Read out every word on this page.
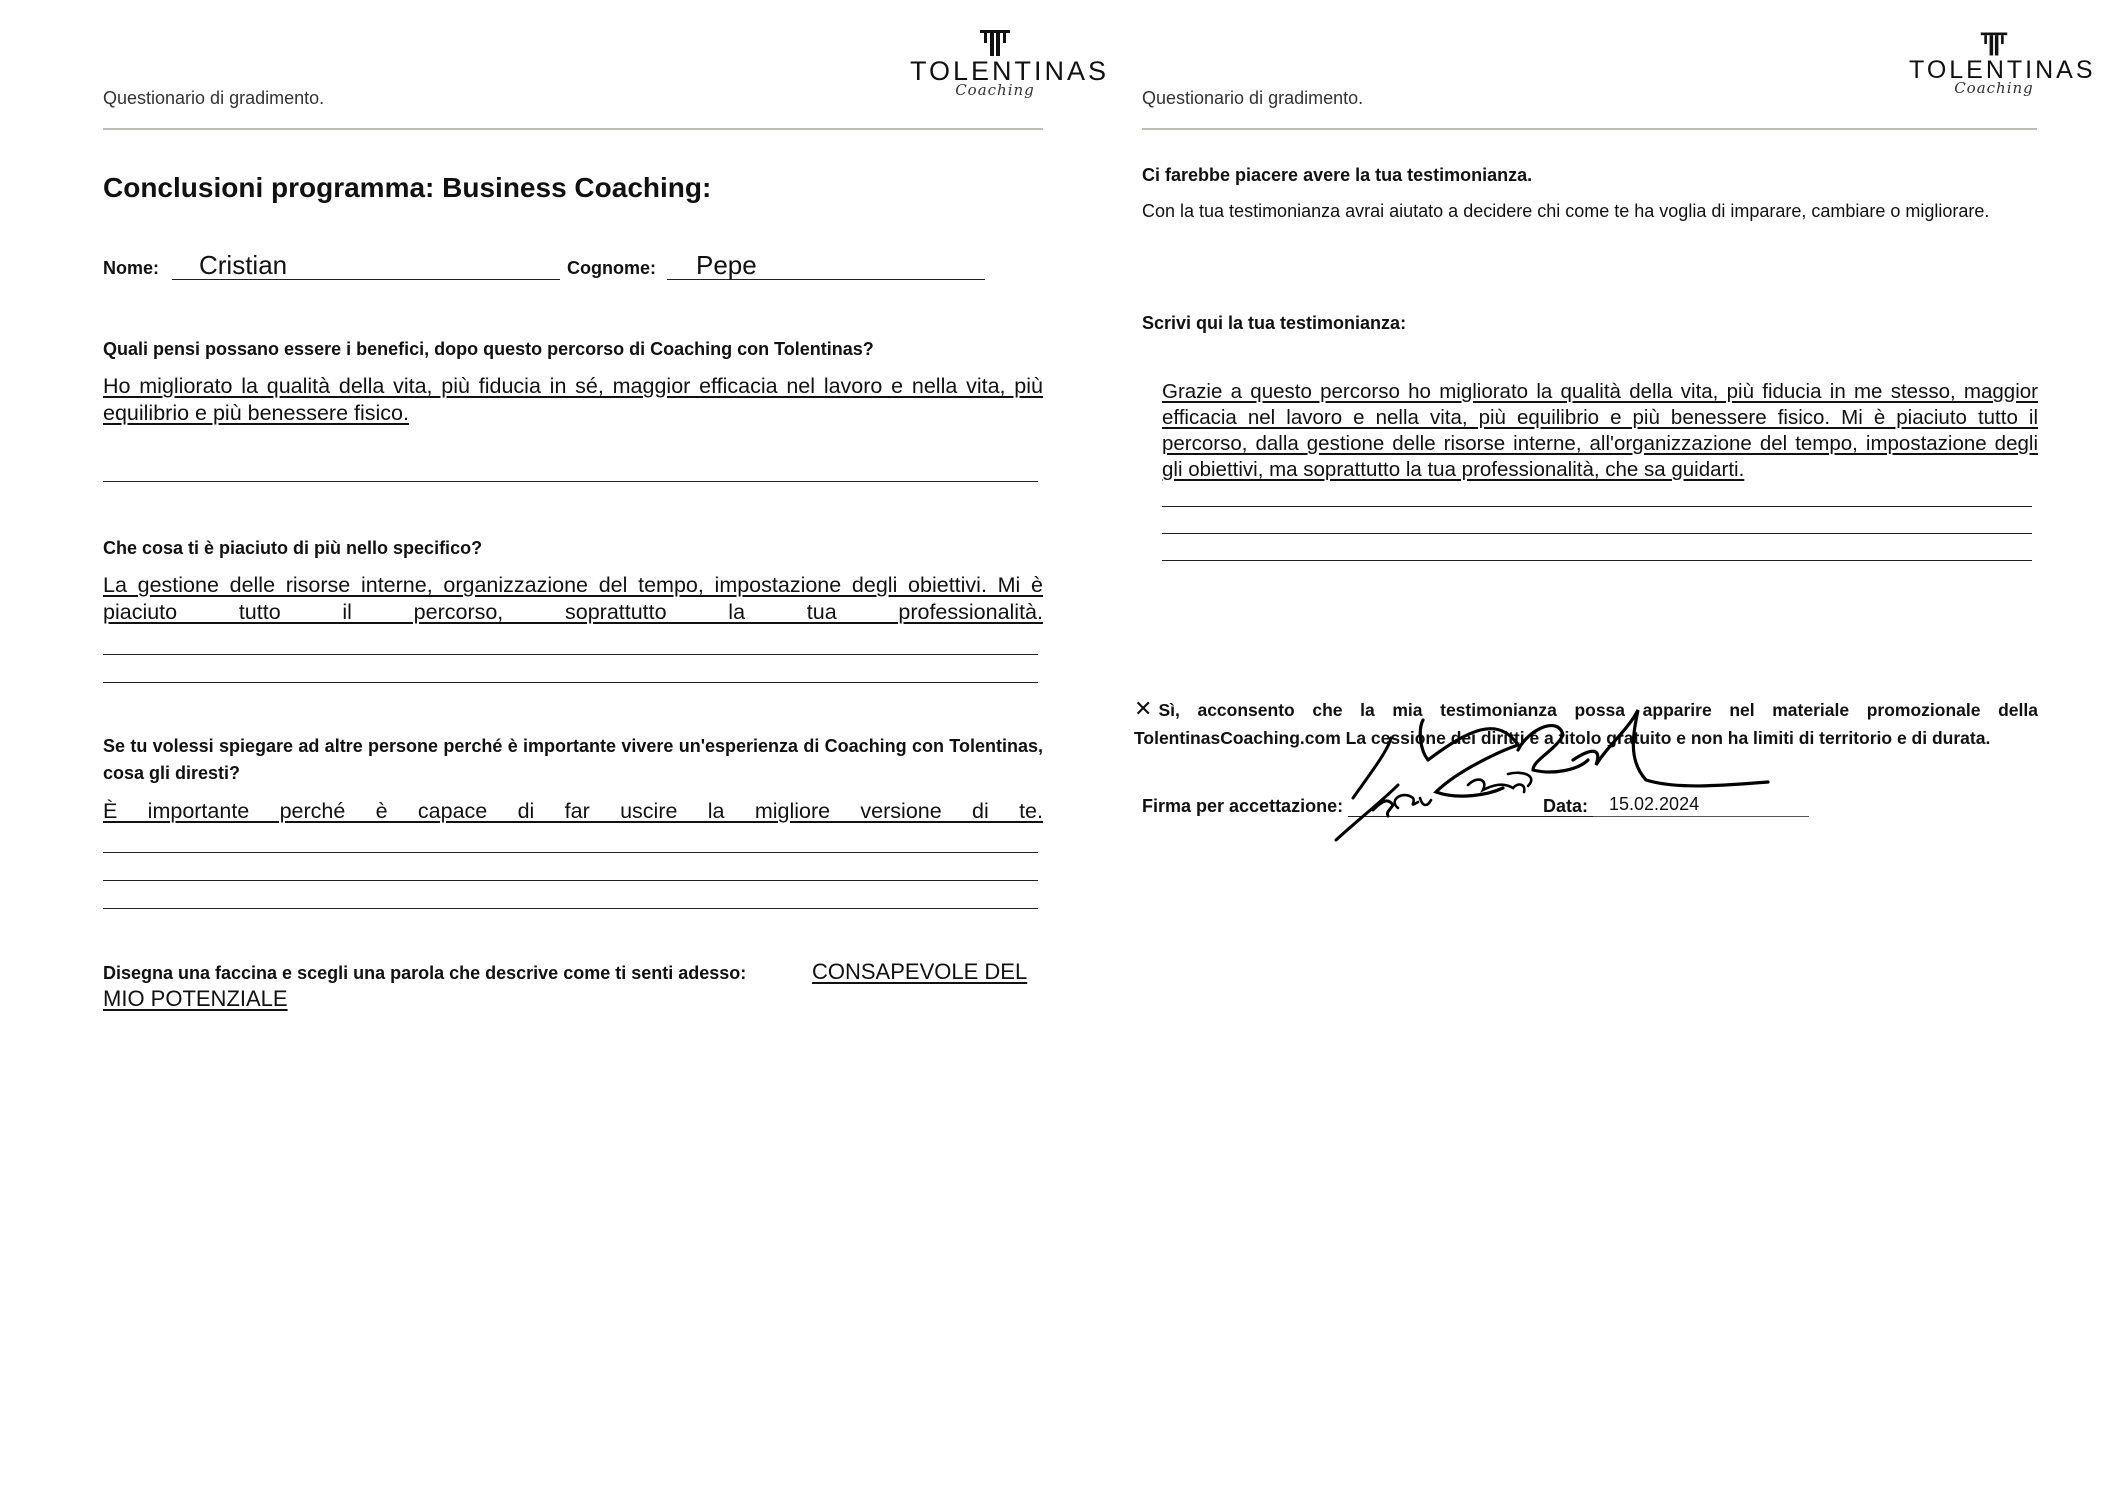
Questionario di gradimento.
TOLENTINAS
Coaching
Conclusioni programma: Business Coaching:
Nome: Cristian	Cognome: Pepe
Quali pensi possano essere i benefici, dopo questo percorso di Coaching con Tolentinas?
Ho migliorato la qualità della vita, più fiducia in sé, maggior efficacia nel lavoro e nella vita, più equilibrio e più benessere fisico.
Che cosa ti è piaciuto di più nello specifico?
La gestione delle risorse interne, organizzazione del tempo, impostazione degli obiettivi. Mi è piaciuto tutto il percorso, soprattutto la tua professionalità.
Se tu volessi spiegare ad altre persone perché è importante vivere un'esperienza di Coaching con Tolentinas, cosa gli diresti?
È importante perché è capace di far uscire la migliore versione di te.
Disegna una faccina e scegli una parola che descrive come ti senti adesso:	CONSAPEVOLE DEL
MIO POTENZIALE
Questionario di gradimento.
TOLENTINAS
Coaching
Ci farebbe piacere avere la tua testimonianza.
Con la tua testimonianza avrai aiutato a decidere chi come te ha voglia di imparare, cambiare o migliorare.
Scrivi qui la tua testimonianza:
Grazie a questo percorso ho migliorato la qualità della vita, più fiducia in me stesso, maggior efficacia nel lavoro e nella vita, più equilibrio e più benessere fisico. Mi è piaciuto tutto il percorso, dalla gestione delle risorse interne, all'organizzazione del tempo, impostazione degli gli obiettivi, ma soprattutto la tua professionalità, che sa guidarti.
✕ Sì, acconsento che la mia testimonianza possa apparire nel materiale promozionale della TolentinasCoaching.com La cessione dei diritti è a titolo gratuito e non ha limiti di territorio e di durata.
Firma per accettazione:	Data: 15.02.2024
